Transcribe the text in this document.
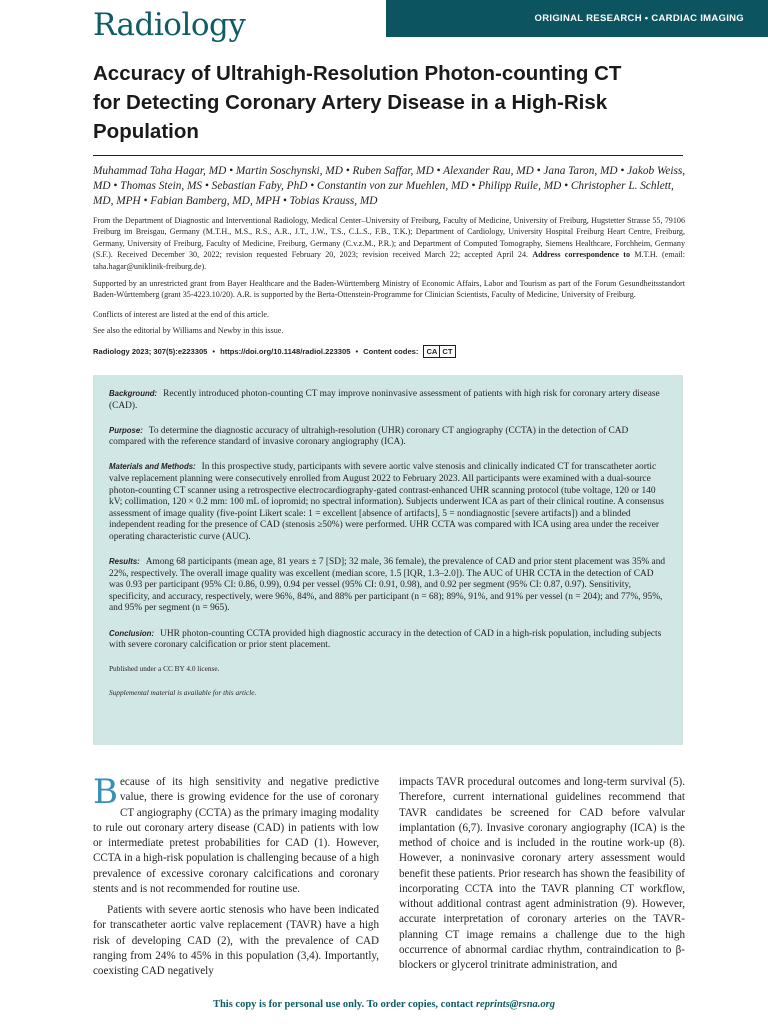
Radiology	ORIGINAL RESEARCH • CARDIAC IMAGING
Accuracy of Ultrahigh-Resolution Photon-counting CT for Detecting Coronary Artery Disease in a High-Risk Population
Muhammad Taha Hagar, MD • Martin Soschynski, MD • Ruben Saffar, MD • Alexander Rau, MD • Jana Taron, MD • Jakob Weiss, MD • Thomas Stein, MS • Sebastian Faby, PhD • Constantin von zur Muehlen, MD • Philipp Ruile, MD • Christopher L. Schlett, MD, MPH • Fabian Bamberg, MD, MPH • Tobias Krauss, MD

From the Department of Diagnostic and Interventional Radiology, Medical Center–University of Freiburg, Faculty of Medicine, University of Freiburg, Hugstetter Strasse 55, 79106 Freiburg im Breisgau, Germany (M.T.H., M.S., R.S., A.R., J.T., J.W., T.S., C.L.S., F.B., T.K.); Department of Cardiology, University Hospital Freiburg Heart Centre, Freiburg, Germany, University of Freiburg, Faculty of Medicine, Freiburg, Germany (C.v.z.M., P.R.); and Department of Computed Tomography, Siemens Healthcare, Forchheim, Germany (S.F.). Received December 30, 2022; revision requested February 20, 2023; revision received March 22; accepted April 24. Address correspondence to M.T.H. (email: taha.hagar@uniklinik-freiburg.de).

Supported by an unrestricted grant from Bayer Healthcare and the Baden-Württemberg Ministry of Economic Affairs, Labor and Tourism as part of the Forum Gesundheitsstandort Baden-Württemberg (grant 35-4223.10/20). A.R. is supported by the Berta-Ottenstein-Programme for Clinician Scientists, Faculty of Medicine, University of Freiburg.

Conflicts of interest are listed at the end of this article.

See also the editorial by Williams and Newby in this issue.

Radiology 2023; 307(5):e223305 • https://doi.org/10.1148/radiol.223305 • Content codes:	CA CT

Background: Recently introduced photon-counting CT may improve noninvasive assessment of patients with high risk for coronary artery disease (CAD).

Purpose: To determine the diagnostic accuracy of ultrahigh-resolution (UHR) coronary CT angiography (CCTA) in the detection of CAD compared with the reference standard of invasive coronary angiography (ICA).

Materials and Methods: In this prospective study, participants with severe aortic valve stenosis and clinically indicated CT for transcatheter aortic valve replacement planning were consecutively enrolled from August 2022 to February 2023. All participants were examined with a dual-source photon-counting CT scanner using a retrospective electrocardiography-gated contrast-enhanced UHR scanning protocol (tube voltage, 120 or 140 kV; collimation, 120 × 0.2 mm: 100 mL of iopromid; no spectral information). Subjects underwent ICA as part of their clinical routine. A consensus assessment of image quality (five-point Likert scale: 1 = excellent [absence of artifacts], 5 = nondiagnostic [severe artifacts]) and a blinded independent reading for the presence of CAD (stenosis ≥50%) were performed. UHR CCTA was compared with ICA using area under the receiver operating characteristic curve (AUC).

Results: Among 68 participants (mean age, 81 years ± 7 [SD]; 32 male, 36 female), the prevalence of CAD and prior stent placement was 35% and 22%, respectively. The overall image quality was excellent (median score, 1.5 [IQR, 1.3–2.0]). The AUC of UHR CCTA in the detection of CAD was 0.93 per participant (95% CI: 0.86, 0.99), 0.94 per vessel (95% CI: 0.91, 0.98), and 0.92 per segment (95% CI: 0.87, 0.97). Sensitivity, specificity, and accuracy, respectively, were 96%, 84%, and 88% per participant (n = 68); 89%, 91%, and 91% per vessel (n = 204); and 77%, 95%, and 95% per segment (n = 965).

Conclusion: UHR photon-counting CCTA provided high diagnostic accuracy in the detection of CAD in a high-risk population, including subjects with severe coronary calcification or prior stent placement.

Published under a CC BY 4.0 license.

Supplemental material is available for this article.

Because of its high sensitivity and negative predictive value, there is growing evidence for the use of coronary CT angiography (CCTA) as the primary imaging modality to rule out coronary artery disease (CAD) in patients with low or intermediate pretest probabilities for CAD (1). However, CCTA in a high-risk population is challenging because of a high prevalence of excessive coronary calcifications and coronary stents and is not recommended for routine use.

Patients with severe aortic stenosis who have been indicated for transcatheter aortic valve replacement (TAVR) have a high risk of developing CAD (2), with the prevalence of CAD ranging from 24% to 45% in this population (3,4). Importantly, coexisting CAD negatively

impacts TAVR procedural outcomes and long-term survival (5). Therefore, current international guidelines recommend that TAVR candidates be screened for CAD before valvular implantation (6,7). Invasive coronary angiography (ICA) is the method of choice and is included in the routine work-up (8). However, a noninvasive coronary artery assessment would benefit these patients. Prior research has shown the feasibility of incorporating CCTA into the TAVR planning CT workflow, without additional contrast agent administration (9). However, accurate interpretation of coronary arteries on the TAVR-planning CT image remains a challenge due to the high occurrence of abnormal cardiac rhythm, contraindication to β-blockers or glycerol trinitrate administration, and

This copy is for personal use only. To order copies, contact reprints@rsna.org
